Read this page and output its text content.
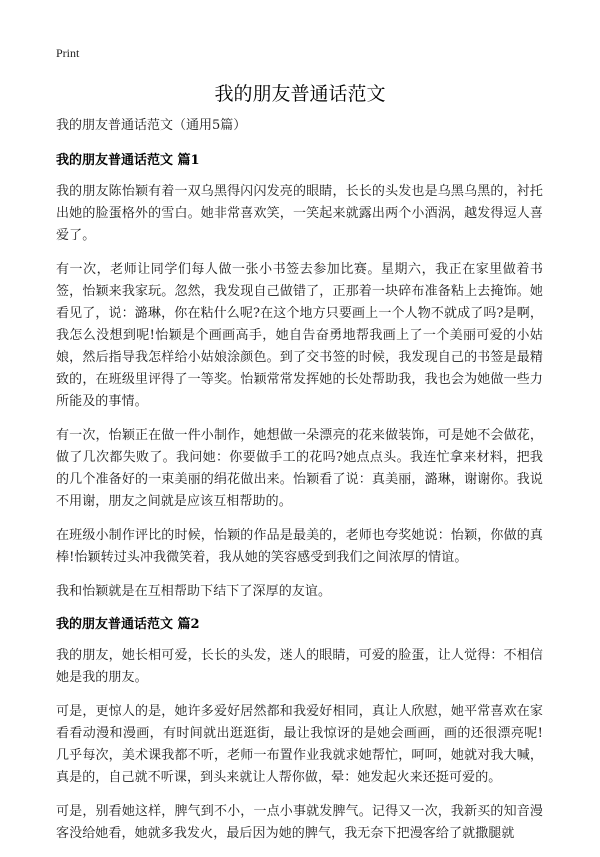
Print
我的朋友普通话范文
我的朋友普通话范文（通用5篇）
我的朋友普通话范文 篇1

我的朋友陈怡颖有着一双乌黑得闪闪发亮的眼睛，长长的头发也是乌黑乌黑的，衬托出她的脸蛋格外的雪白。她非常喜欢笑，一笑起来就露出两个小酒涡，越发得逗人喜爱了。

有一次，老师让同学们每人做一张小书签去参加比赛。星期六，我正在家里做着书签，怡颖来我家玩。忽然，我发现自己做错了，正那着一块碎布准备粘上去掩饰。她看见了，说：潞琳，你在粘什么呢?在这个地方只要画上一个人物不就成了吗?是啊，我怎么没想到呢!怡颖是个画画高手，她自告奋勇地帮我画上了一个美丽可爱的小姑娘，然后指导我怎样给小姑娘涂颜色。到了交书签的时候，我发现自己的书签是最精致的，在班级里评得了一等奖。怡颖常常发挥她的长处帮助我，我也会为她做一些力所能及的事情。

有一次，怡颖正在做一件小制作，她想做一朵漂亮的花来做装饰，可是她不会做花，做了几次都失败了。我问她：你要做手工的花吗?她点点头。我连忙拿来材料，把我的几个准备好的一束美丽的绢花做出来。怡颖看了说：真美丽，潞琳，谢谢你。我说不用谢，朋友之间就是应该互相帮助的。

在班级小制作评比的时候，怡颖的作品是最美的，老师也夸奖她说：怡颖，你做的真棒!怡颖转过头冲我微笑着，我从她的笑容感受到我们之间浓厚的情谊。

我和怡颖就是在互相帮助下结下了深厚的友谊。

我的朋友普通话范文 篇2

我的朋友，她长相可爱，长长的头发，迷人的眼睛，可爱的脸蛋，让人觉得：不相信她是我的朋友。

可是，更惊人的是，她许多爱好居然都和我爱好相同，真让人欣慰，她平常喜欢在家看看动漫和漫画，有时间就出逛逛街，最让我惊讶的是她会画画，画的还很漂亮呢!几乎每次，美术课我都不听，老师一布置作业我就求她帮忙，呵呵，她就对我大喊，真是的，自己就不听课，到头来就让人帮你做，晕：她发起火来还挺可爱的。

可是，别看她这样，脾气到不小，一点小事就发脾气。记得又一次，我新买的知音漫客没给她看，她就多我发火，最后因为她的脾气，我无奈下把漫客给了就撒腿就
